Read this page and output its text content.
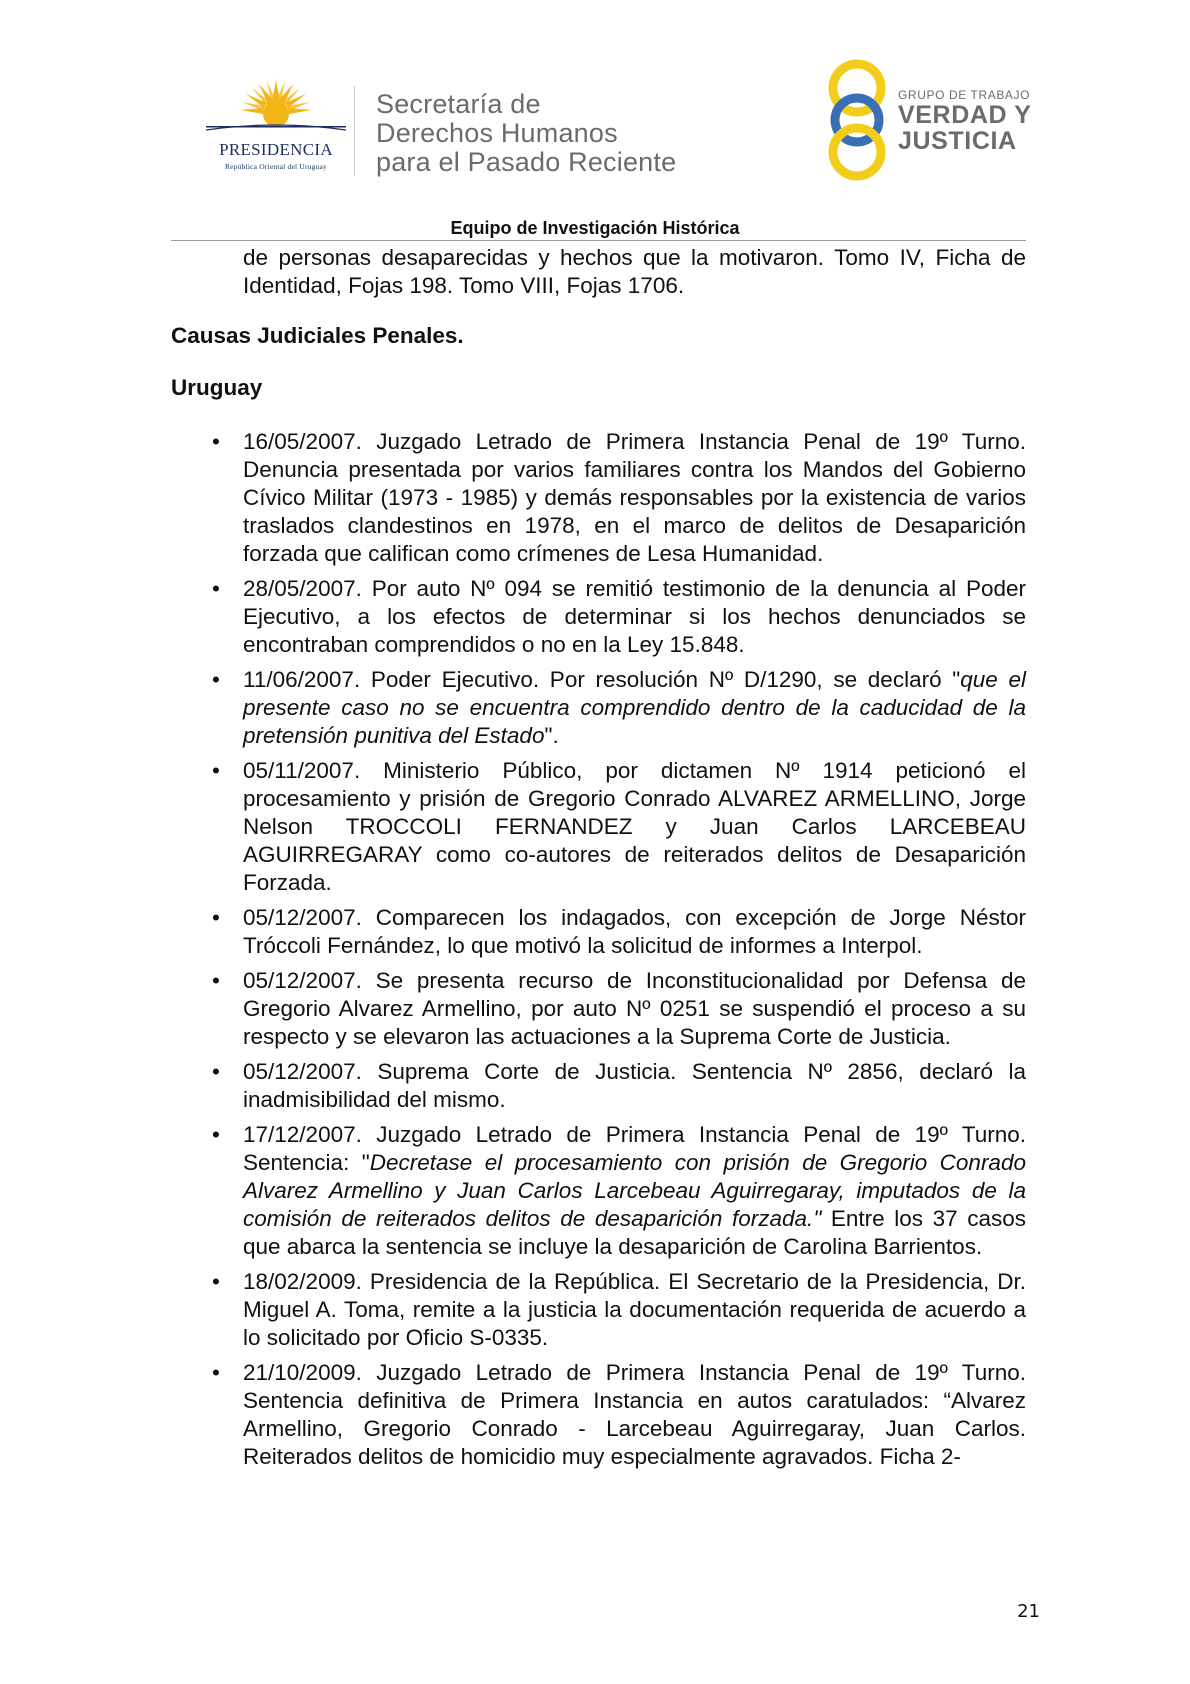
PRESIDENCIA
República Oriental del Uruguay
Secretaría de
Derechos Humanos
para el Pasado Reciente
GRUPO DE TRABAJO
VERDAD Y
JUSTICIA
Equipo de Investigación Histórica

de personas desaparecidas y hechos que la motivaron. Tomo IV, Ficha de Identidad, Fojas 198. Tomo VIII, Fojas 1706.

Causas Judiciales Penales.

Uruguay

• 16/05/2007. Juzgado Letrado de Primera Instancia Penal de 19º Turno. Denuncia presentada por varios familiares contra los Mandos del Gobierno Cívico Militar (1973 - 1985) y demás responsables por la existencia de varios traslados clandestinos en 1978, en el marco de delitos de Desaparición forzada que califican como crímenes de Lesa Humanidad.
• 28/05/2007. Por auto Nº 094 se remitió testimonio de la denuncia al Poder Ejecutivo, a los efectos de determinar si los hechos denunciados se encontraban comprendidos o no en la Ley 15.848.
• 11/06/2007. Poder Ejecutivo. Por resolución Nº D/1290, se declaró "que el presente caso no se encuentra comprendido dentro de la caducidad de la pretensión punitiva del Estado".
• 05/11/2007. Ministerio Público, por dictamen Nº 1914 peticionó el procesamiento y prisión de Gregorio Conrado ALVAREZ ARMELLINO, Jorge Nelson TROCCOLI FERNANDEZ y Juan Carlos LARCEBEAU AGUIRREGARAY como co-autores de reiterados delitos de Desaparición Forzada.
• 05/12/2007. Comparecen los indagados, con excepción de Jorge Néstor Tróccoli Fernández, lo que motivó la solicitud de informes a Interpol.
• 05/12/2007. Se presenta recurso de Inconstitucionalidad por Defensa de Gregorio Alvarez Armellino, por auto Nº 0251 se suspendió el proceso a su respecto y se elevaron las actuaciones a la Suprema Corte de Justicia.
• 05/12/2007. Suprema Corte de Justicia. Sentencia Nº 2856, declaró la inadmisibilidad del mismo.
• 17/12/2007. Juzgado Letrado de Primera Instancia Penal de 19º Turno. Sentencia: "Decretase el procesamiento con prisión de Gregorio Conrado Alvarez Armellino y Juan Carlos Larcebeau Aguirregaray, imputados de la comisión de reiterados delitos de desaparición forzada." Entre los 37 casos que abarca la sentencia se incluye la desaparición de Carolina Barrientos.
• 18/02/2009. Presidencia de la República. El Secretario de la Presidencia, Dr. Miguel A. Toma, remite a la justicia la documentación requerida de acuerdo a lo solicitado por Oficio S-0335.
• 21/10/2009. Juzgado Letrado de Primera Instancia Penal de 19º Turno. Sentencia definitiva de Primera Instancia en autos caratulados: “Alvarez Armellino, Gregorio Conrado - Larcebeau Aguirregaray, Juan Carlos. Reiterados delitos de homicidio muy especialmente agravados. Ficha 2-
21
